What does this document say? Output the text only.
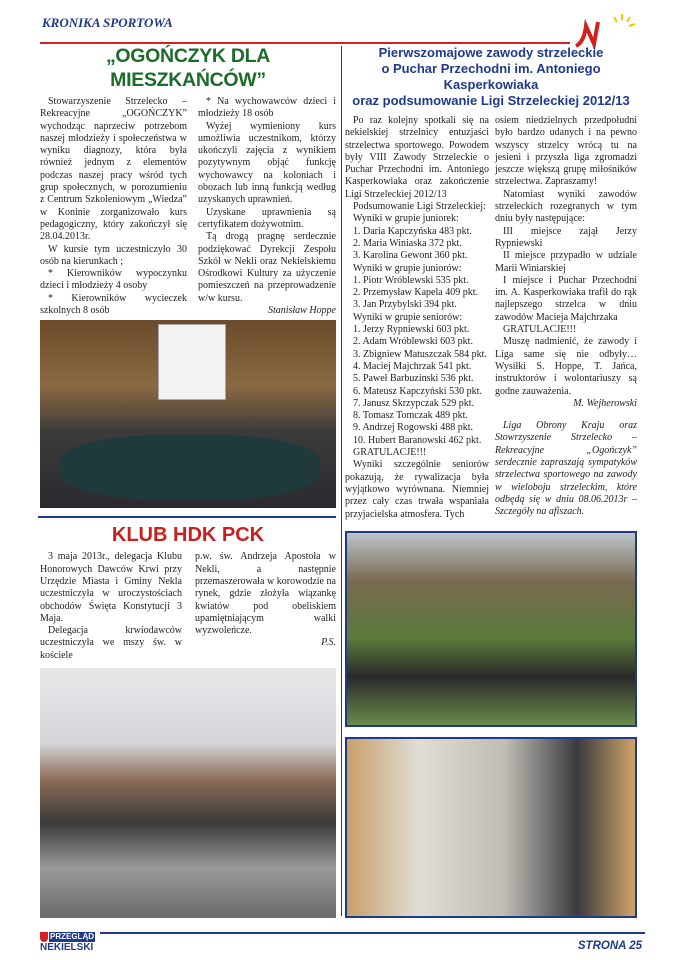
KRONIKA SPORTOWA
„OGOŃCZYK DLA MIESZKAŃCÓW”

Stowarzyszenie Strzelecko – Rekreacyjne „OGOŃCZYK” wychodząc naprzeciw potrzebom naszej młodzieży i społeczeństwa w wyniku diagnozy, która była również jednym z elementów podczas naszej pracy wśród tych grup społecznych, w porozumieniu z Centrum Szkoleniowym „Wiedza” w Koninie zorganizowało kurs pedagogiczny, który zakończył się 28.04.2013r.

W kursie tym uczestniczyło 30 osób na kierunkach ;

* Kierowników wypoczynku dzieci i młodzieży 4 osoby

* Kierowników wycieczek szkolnych 8 osób

* Na wychowawców dzieci i młodzieży 18 osób

Wyżej wymieniony kurs umożliwia uczestnikom, którzy ukończyli zajęcia z wynikiem pozytywnym objąć funkcję wychowawcy na koloniach i obozach lub inną funkcją według uzyskanych uprawnień.

Uzyskane uprawnienia są certyfikatem dożywotnim.

Tą drogą pragnę serdecznie podziękować Dyrekcji Zespołu Szkół w Nekli oraz Nekielskiemu Ośrodkowi Kultury za użyczenie pomieszczeń na przeprowadzenie w/w kursu.

Stanisław Hoppe

KLUB HDK PCK

3 maja 2013r., delegacja Klubu Honorowych Dawców Krwi przy Urzędzie Miasta i Gminy Nekla uczestniczyła w uroczystościach obchodów Święta Konstytucji 3 Maja.

Delegacja krwiodawców uczestniczyła we mszy św. w kościele

p.w. św. Andrzeja Apostoła w Nekli, a następnie przemaszerowała w korowodzie na rynek, gdzie złożyła wiązankę kwiatów pod obeliskiem upamiętniającym walki wyzwoleńcze.

P.S.

Pierwszomajowe zawody strzeleckie
o Puchar Przechodni im. Antoniego Kasperkowiaka
oraz podsumowanie Ligi Strzeleckiej 2012/13

Po raz kolejny spotkali się na nekielskiej strzelnicy entuzjaści strzelectwa sportowego. Powodem były VIII Zawody Strzeleckie o Puchar Przechodni im. Antoniego Kasperkowiaka oraz zakończenie Ligi Strzeleckiej 2012/13

Podsumowanie Ligi Strzeleckiej:

Wyniki w grupie juniorek:

1. Daria Kapczyńska 483 pkt.

2. Maria Winiaska 372 pkt.

3. Karolina Gewont 360 pkt.

Wyniki w grupie juniorów:

1. Piotr Wróblewski 535 pkt.

2. Przemysław Kapela 409 pkt.

3. Jan Przybylski 394 pkt.

Wyniki w grupie seniorów:

1. Jerzy Rypniewski 603 pkt.

2. Adam Wróblewski 603 pkt.

3. Zbigniew Matuszczak 584 pkt.

4. Maciej Majchrzak 541 pkt.

5. Paweł Barbuzinski 536 pkt.

6. Mateusz Kapczyński 530 pkt.

7. Janusz Skrzypczak 529 pkt.

8. Tomasz Tomczak 489 pkt.

9. Andrzej Rogowski 488 pkt.

10. Hubert Baranowski 462 pkt.

GRATULACJE!!!

Wyniki szczególnie seniorów pokazują, że rywalizacja była wyjątkowo wyrównana. Niemniej przez cały czas trwała wspaniała przyjacielska atmosfera. Tych

osiem niedzielnych przedpołudni było bardzo udanych i na pewno wszyscy strzelcy wrócą tu na jesieni i przyszła liga zgromadzi jeszcze większą grupę miłośników strzelectwa. Zapraszamy!

Natomiast wyniki zawodów strzeleckich rozegranych w tym dniu były następujące:

III miejsce zajął Jerzy Rypniewski

II miejsce przypadło w udziale Marii Winiarskiej

I miejsce i Puchar Przechodni im. A. Kasperkowiaka trafił do rąk najlepszego strzelca w dniu zawodów Macieja Majchrzaka

GRATULACJE!!!

Muszę nadmienić, że zawody i Liga same się nie odbyły… Wysiłki S. Hoppe, T. Jańca, instruktorów i wolontariuszy są godne zauważenia.

M. Wejherowski

Liga Obrony Kraju oraz Stowrzyszenie Strzelecko – Rekreacyjne „Ogończyk” serdecznie zapraszają sympatyków strzelectwa sportowego na zawody w wieloboju strzeleckim, które odbędą się w dniu 08.06.2013r –Szczegóły na afiszach.

PRZEGLĄD
NEKIELSKI	STRONA 25
